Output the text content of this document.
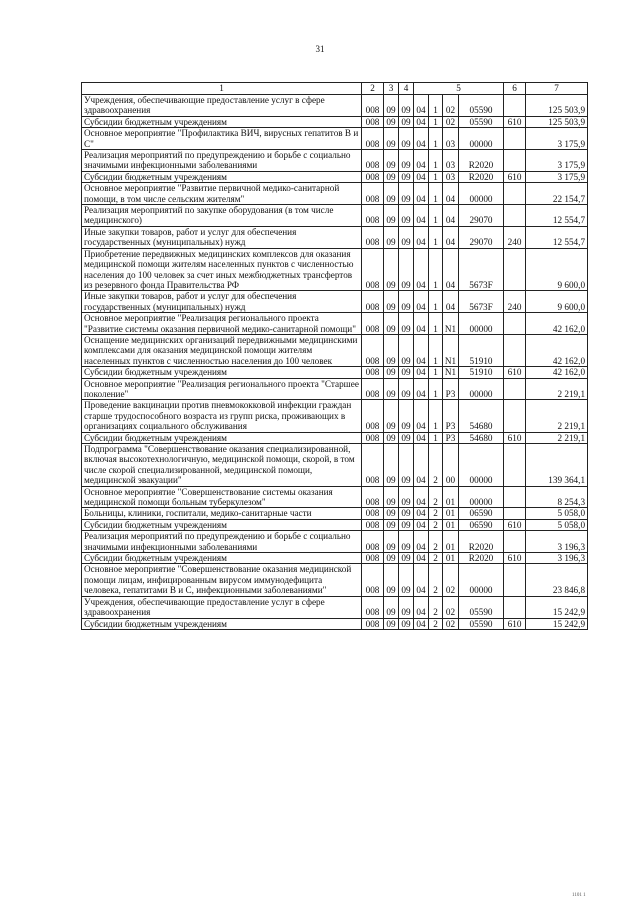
31
1	2	3	4	5				6	7
Учреждения, обеспечивающие предоставление услуг в сфере здравоохранения	008	09	09	04	1	02	05590		125 503,9
Субсидии бюджетным учреждениям	008	09	09	04	1	02	05590	610	125 503,9
Основное мероприятие "Профилактика ВИЧ, вирусных гепатитов В и С"	008	09	09	04	1	03	00000		3 175,9
Реализация мероприятий по предупреждению и борьбе с социально значимыми инфекционными заболеваниями	008	09	09	04	1	03	R2020		3 175,9
Субсидии бюджетным учреждениям	008	09	09	04	1	03	R2020	610	3 175,9
Основное мероприятие "Развитие первичной медико-санитарной помощи, в том числе сельским жителям"	008	09	09	04	1	04	00000		22 154,7
Реализация мероприятий по закупке оборудования (в том числе медицинского)	008	09	09	04	1	04	29070		12 554,7
Иные закупки товаров, работ и услуг для обеспечения государственных (муниципальных) нужд	008	09	09	04	1	04	29070	240	12 554,7
Приобретение передвижных медицинских комплексов для оказания медицинской помощи жителям населенных пунктов с численностью населения до 100 человек за счет иных межбюджетных трансфертов из резервного фонда Правительства РФ	008	09	09	04	1	04	5673F		9 600,0
Иные закупки товаров, работ и услуг для обеспечения государственных (муниципальных) нужд	008	09	09	04	1	04	5673F	240	9 600,0
Основное мероприятие "Реализация регионального проекта "Развитие системы оказания первичной медико-санитарной помощи"	008	09	09	04	1	N1	00000		42 162,0
Оснащение медицинских организаций передвижными медицинскими комплексами для оказания медицинской помощи жителям населенных пунктов с численностью населения до 100 человек	008	09	09	04	1	N1	51910		42 162,0
Субсидии бюджетным учреждениям	008	09	09	04	1	N1	51910	610	42 162,0
Основное мероприятие "Реализация регионального проекта "Старшее поколение"	008	09	09	04	1	P3	00000		2 219,1
Проведение вакцинации против пневмококковой инфекции граждан старше трудоспособного возраста из групп риска, проживающих в организациях социального обслуживания	008	09	09	04	1	P3	54680		2 219,1
Субсидии бюджетным учреждениям	008	09	09	04	1	P3	54680	610	2 219,1
Подпрограмма "Совершенствование оказания специализированной, включая высокотехнологичную, медицинской помощи, скорой, в том числе скорой специализированной, медицинской помощи, медицинской эвакуации"	008	09	09	04	2	00	00000		139 364,1
Основное мероприятие "Совершенствование системы оказания медицинской помощи больным туберкулезом"	008	09	09	04	2	01	00000		8 254,3
Больницы, клиники, госпитали, медико-санитарные части	008	09	09	04	2	01	06590		5 058,0
Субсидии бюджетным учреждениям	008	09	09	04	2	01	06590	610	5 058,0
Реализация мероприятий по предупреждению и борьбе с социально значимыми инфекционными заболеваниями	008	09	09	04	2	01	R2020		3 196,3
Субсидии бюджетным учреждениям	008	09	09	04	2	01	R2020	610	3 196,3
Основное мероприятие "Совершенствование оказания медицинской помощи лицам, инфицированным вирусом иммунодефицита человека, гепатитами В и С, инфекционными заболеваниями"	008	09	09	04	2	02	00000		23 846,8
Учреждения, обеспечивающие предоставление услуг в сфере здравоохранения	008	09	09	04	2	02	05590		15 242,9
Субсидии бюджетным учреждениям	008	09	09	04	2	02	05590	610	15 242,9
1101 1
